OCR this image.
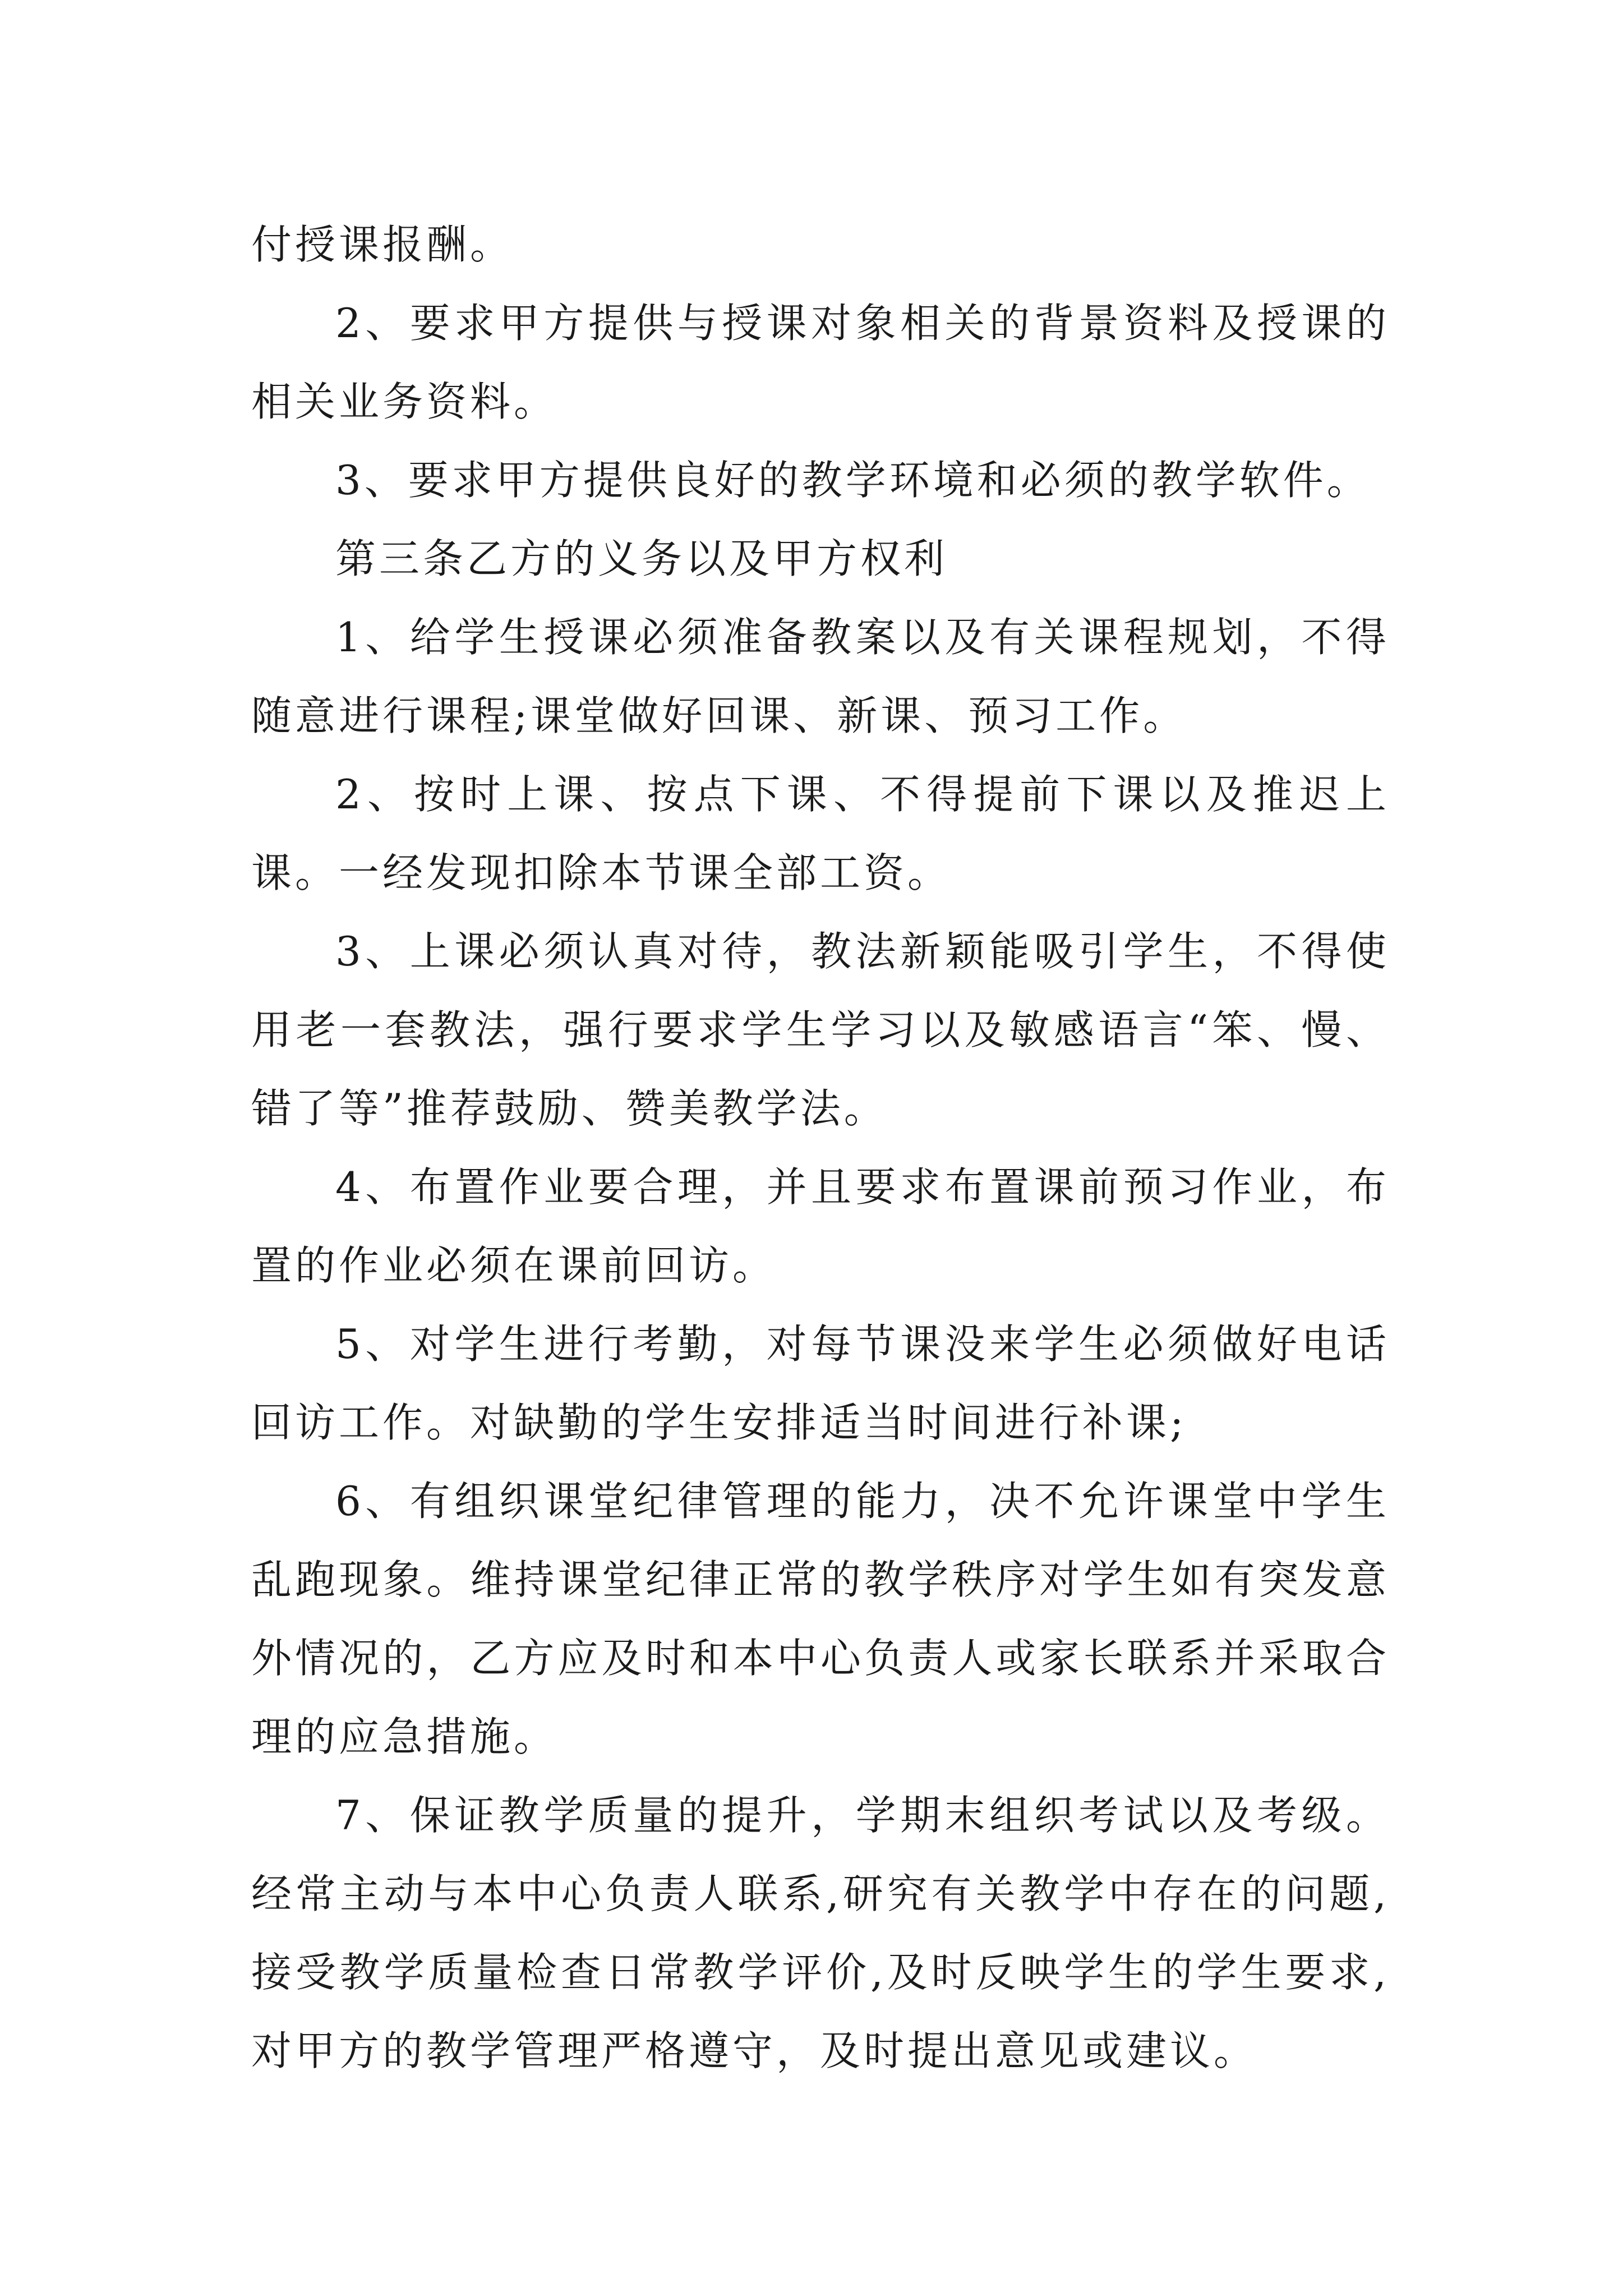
付授课报酬。

2、要求甲方提供与授课对象相关的背景资料及授课的相关业务资料。

3、要求甲方提供良好的教学环境和必须的教学软件。

第三条乙方的义务以及甲方权利

1、给学生授课必须准备教案以及有关课程规划，不得随意进行课程;课堂做好回课、新课、预习工作。

2、按时上课、按点下课、不得提前下课以及推迟上课。一经发现扣除本节课全部工资。

3、上课必须认真对待，教法新颖能吸引学生，不得使用老一套教法，强行要求学生学习以及敏感语言“笨、慢、错了等”推荐鼓励、赞美教学法。

4、布置作业要合理，并且要求布置课前预习作业，布置的作业必须在课前回访。

5、对学生进行考勤，对每节课没来学生必须做好电话回访工作。对缺勤的学生安排适当时间进行补课;

6、有组织课堂纪律管理的能力，决不允许课堂中学生乱跑现象。维持课堂纪律正常的教学秩序对学生如有突发意外情况的，乙方应及时和本中心负责人或家长联系并采取合理的应急措施。

7、保证教学质量的提升，学期末组织考试以及考级。经常主动与本中心负责人联系,研究有关教学中存在的问题,接受教学质量检查日常教学评价,及时反映学生的学生要求,对甲方的教学管理严格遵守，及时提出意见或建议。
